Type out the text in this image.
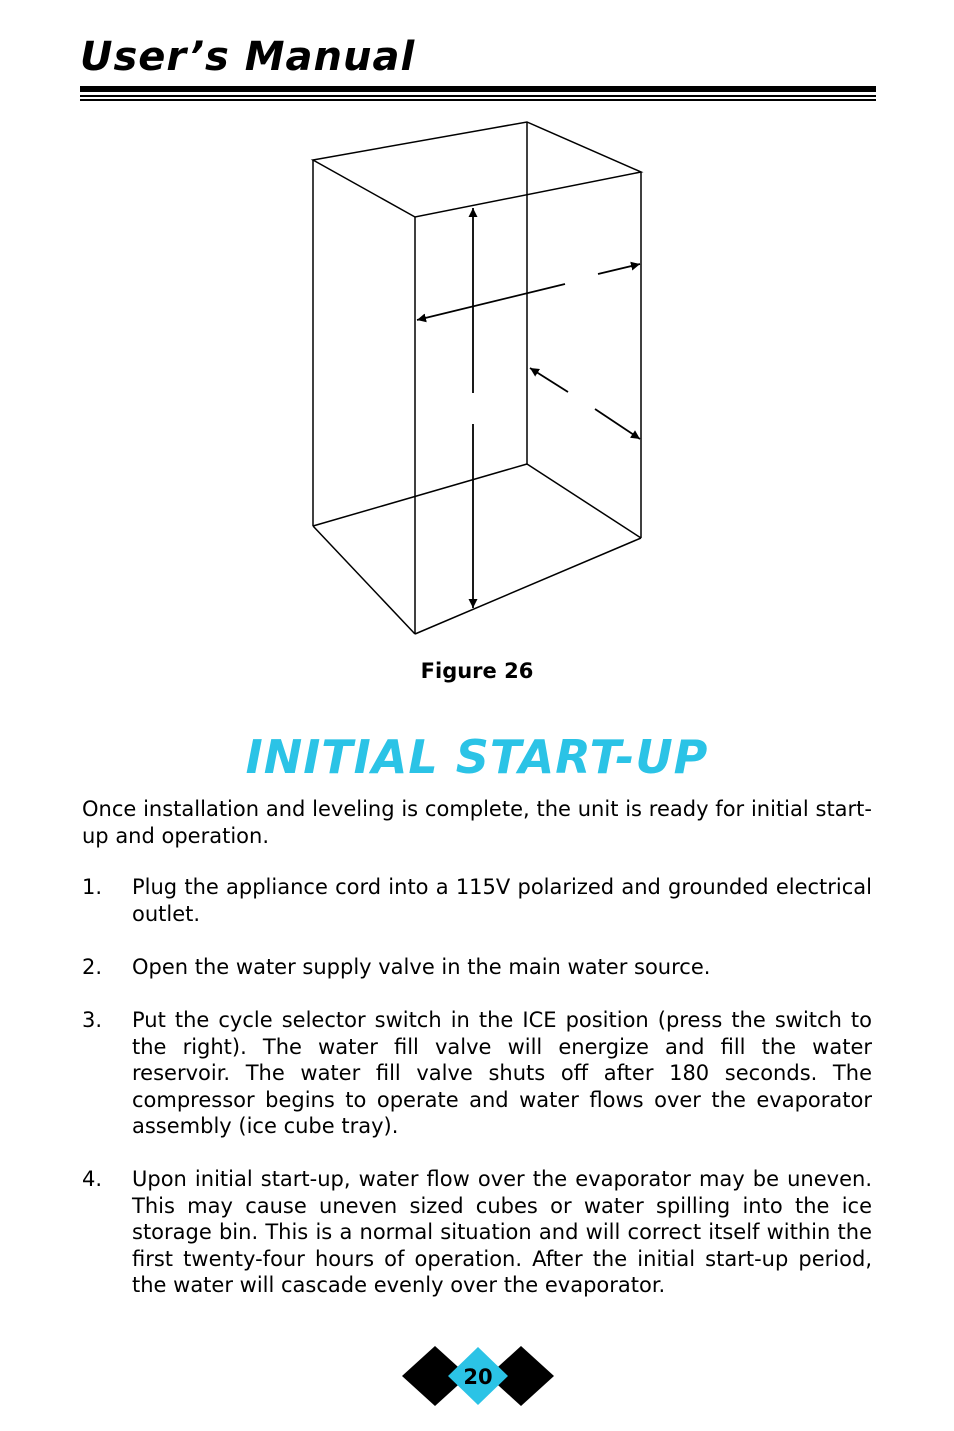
User’s Manual
Figure 26
INITIAL START-UP

Once installation and leveling is complete, the unit is ready for initial start-up and operation.

1.	Plug the appliance cord into a 115V polarized and grounded electrical outlet.
2.	Open the water supply valve in the main water source.
3.	Put the cycle selector switch in the ICE position (press the switch to the right). The water fill valve will energize and fill the water reservoir. The water fill valve shuts off after 180 seconds. The compressor begins to operate and water flows over the evaporator assembly (ice cube tray).
4.	Upon initial start-up, water flow over the evaporator may be uneven. This may cause uneven sized cubes or water spilling into the ice storage bin. This is a normal situation and will correct itself within the first twenty-four hours of operation. After the initial start-up period, the water will cascade evenly over the evaporator.
20
